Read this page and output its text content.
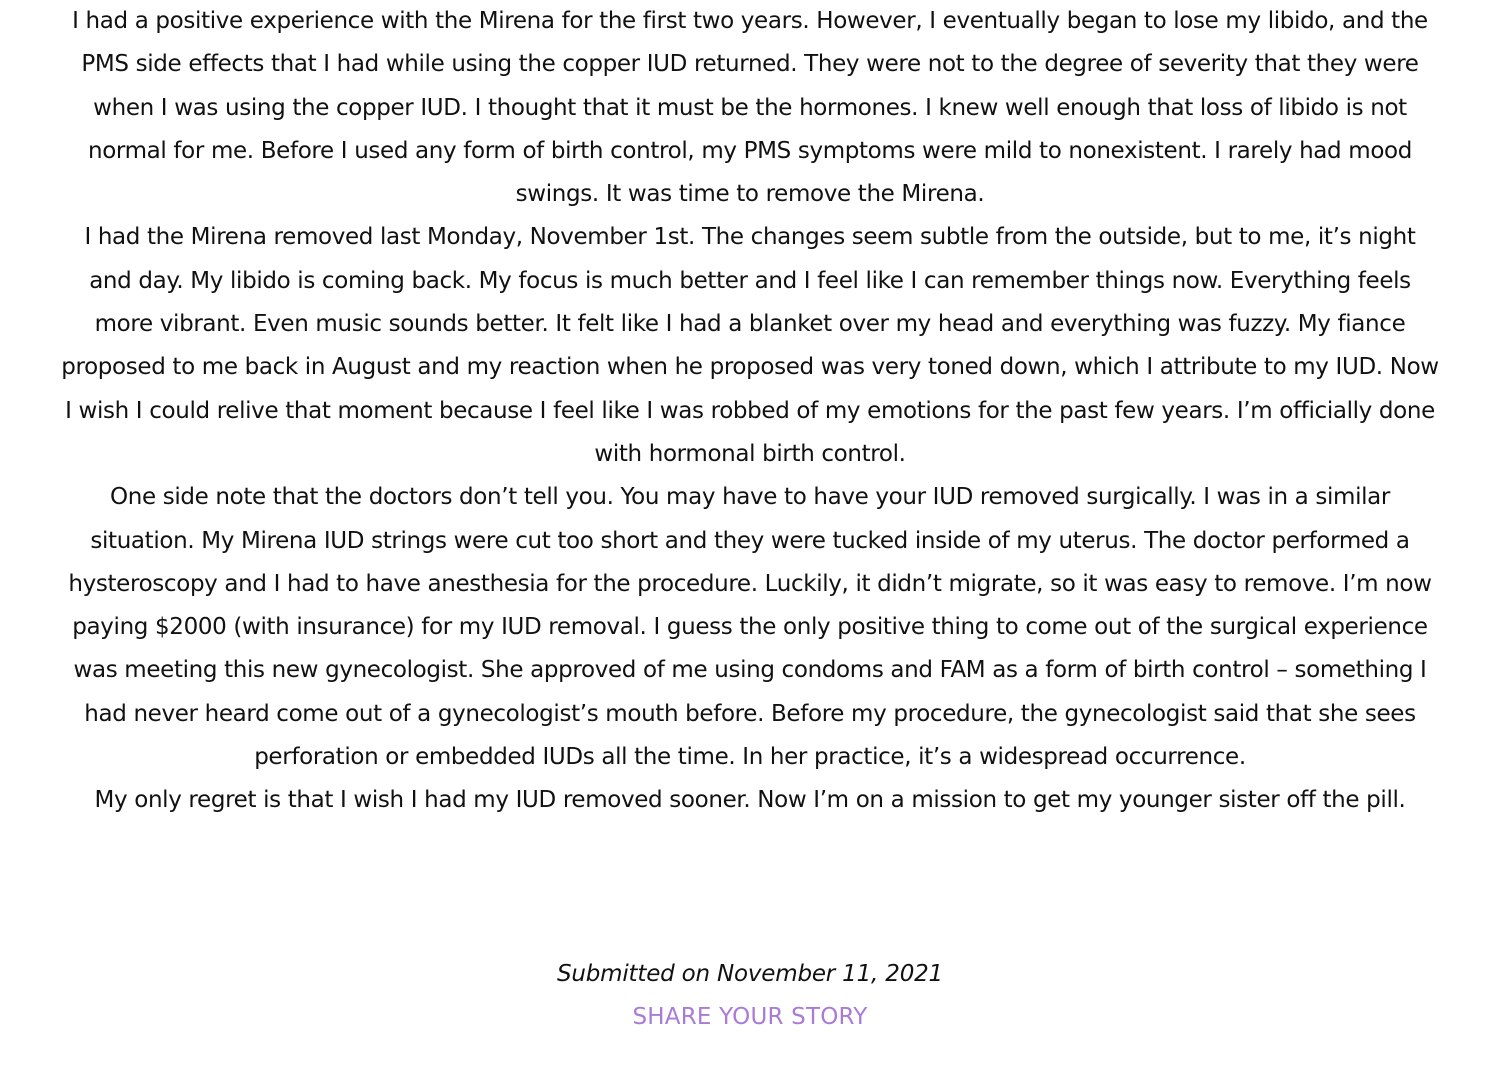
I had a positive experience with the Mirena for the first two years. However, I eventually began to lose my libido, and the PMS side effects that I had while using the copper IUD returned. They were not to the degree of severity that they were when I was using the copper IUD. I thought that it must be the hormones. I knew well enough that loss of libido is not normal for me. Before I used any form of birth control, my PMS symptoms were mild to nonexistent. I rarely had mood swings. It was time to remove the Mirena.

I had the Mirena removed last Monday, November 1st. The changes seem subtle from the outside, but to me, it’s night and day. My libido is coming back. My focus is much better and I feel like I can remember things now. Everything feels more vibrant. Even music sounds better. It felt like I had a blanket over my head and everything was fuzzy. My fiance proposed to me back in August and my reaction when he proposed was very toned down, which I attribute to my IUD. Now I wish I could relive that moment because I feel like I was robbed of my emotions for the past few years. I’m officially done with hormonal birth control.

One side note that the doctors don’t tell you. You may have to have your IUD removed surgically. I was in a similar situation. My Mirena IUD strings were cut too short and they were tucked inside of my uterus. The doctor performed a hysteroscopy and I had to have anesthesia for the procedure. Luckily, it didn’t migrate, so it was easy to remove. I’m now paying $2000 (with insurance) for my IUD removal. I guess the only positive thing to come out of the surgical experience was meeting this new gynecologist. She approved of me using condoms and FAM as a form of birth control – something I had never heard come out of a gynecologist’s mouth before. Before my procedure, the gynecologist said that she sees perforation or embedded IUDs all the time. In her practice, it’s a widespread occurrence.

My only regret is that I wish I had my IUD removed sooner. Now I’m on a mission to get my younger sister off the pill.

Submitted on November 11, 2021
SHARE YOUR STORY
